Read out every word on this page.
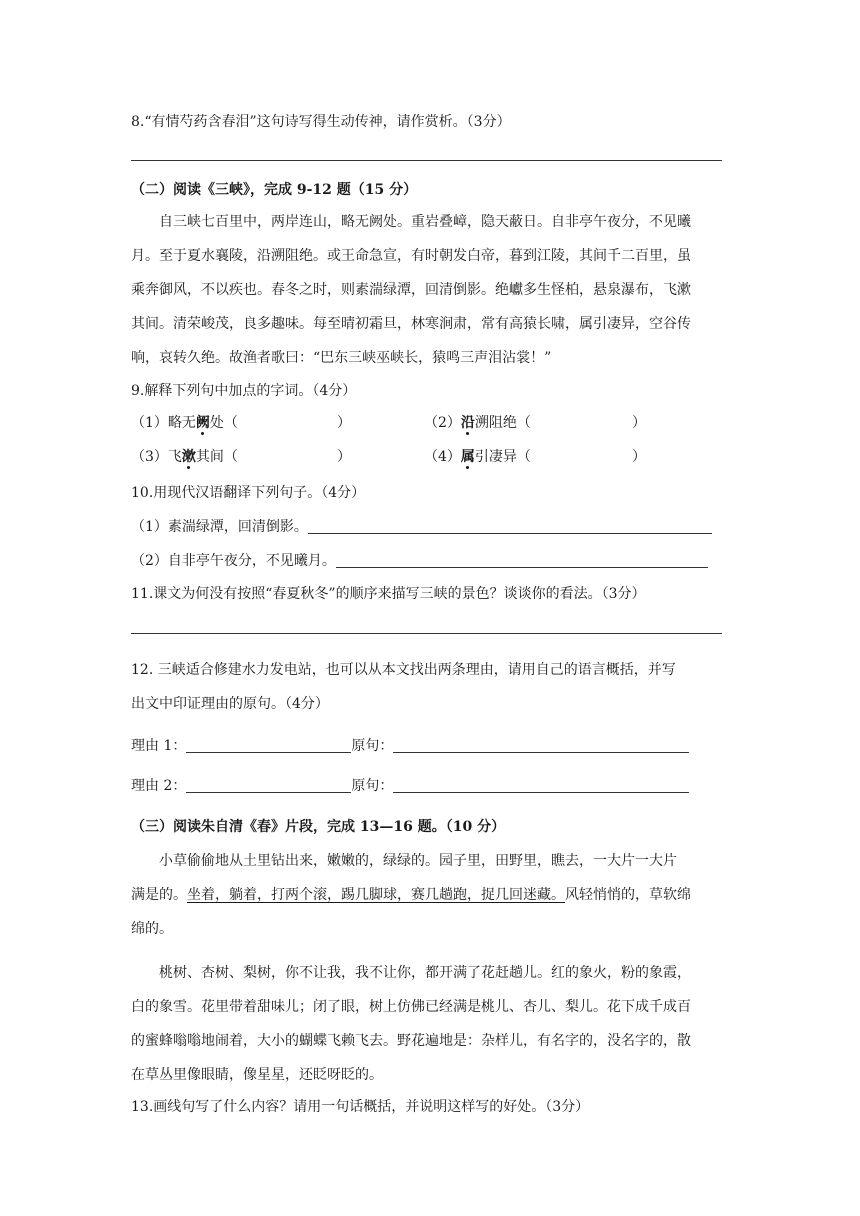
8.“有情芍药含春泪”这句诗写得生动传神，请作赏析。（3分）
（二）阅读《三峡》，完成 9-12 题（15 分）
自三峡七百里中，两岸连山，略无阙处。重岩叠嶂，隐天蔽日。自非亭午夜分，不见曦
月。至于夏水襄陵，沿溯阻绝。或王命急宣，有时朝发白帝，暮到江陵，其间千二百里，虽
乘奔御风，不以疾也。春冬之时，则素湍绿潭，回清倒影。绝巘多生怪柏，悬泉瀑布，飞漱
其间。清荣峻茂，良多趣味。每至晴初霜旦，林寒涧肃，常有高猿长啸，属引凄异，空谷传
响，哀转久绝。故渔者歌曰：“巴东三峡巫峡长，猿鸣三声泪沾裳！”
9.解释下列句中加点的字词。（4分）
（1）略无阙处（	）	（2）沿溯阻绝（	）
（3）飞漱其间（	）	（4）属引凄异（	）
10.用现代汉语翻译下列句子。（4分）
（1）素湍绿潭，回清倒影。
（2）自非亭午夜分，不见曦月。
11.课文为何没有按照“春夏秋冬”的顺序来描写三峡的景色？谈谈你的看法。（3分）
12. 三峡适合修建水力发电站，也可以从本文找出两条理由，请用自己的语言概括，并写
出文中印证理由的原句。（4分）
理由 1：	原句：
理由 2：	原句：
（三）阅读朱自清《春》片段，完成 13—16 题。（10 分）
小草偷偷地从土里钻出来，嫩嫩的，绿绿的。园子里，田野里，瞧去，一大片一大片
满是的。坐着，躺着，打两个滚，踢几脚球，赛几趟跑，捉几回迷藏。风轻悄悄的，草软绵
绵的。
桃树、杏树、梨树，你不让我，我不让你，都开满了花赶趟儿。红的象火，粉的象霞，
白的象雪。花里带着甜味儿；闭了眼，树上仿佛已经满是桃儿、杏儿、梨儿。花下成千成百
的蜜蜂嗡嗡地闹着，大小的蝴蝶飞赖飞去。野花遍地是：杂样儿，有名字的，没名字的，散
在草丛里像眼睛，像星星，还眨呀眨的。
13.画线句写了什么内容？请用一句话概括，并说明这样写的好处。（3分）
